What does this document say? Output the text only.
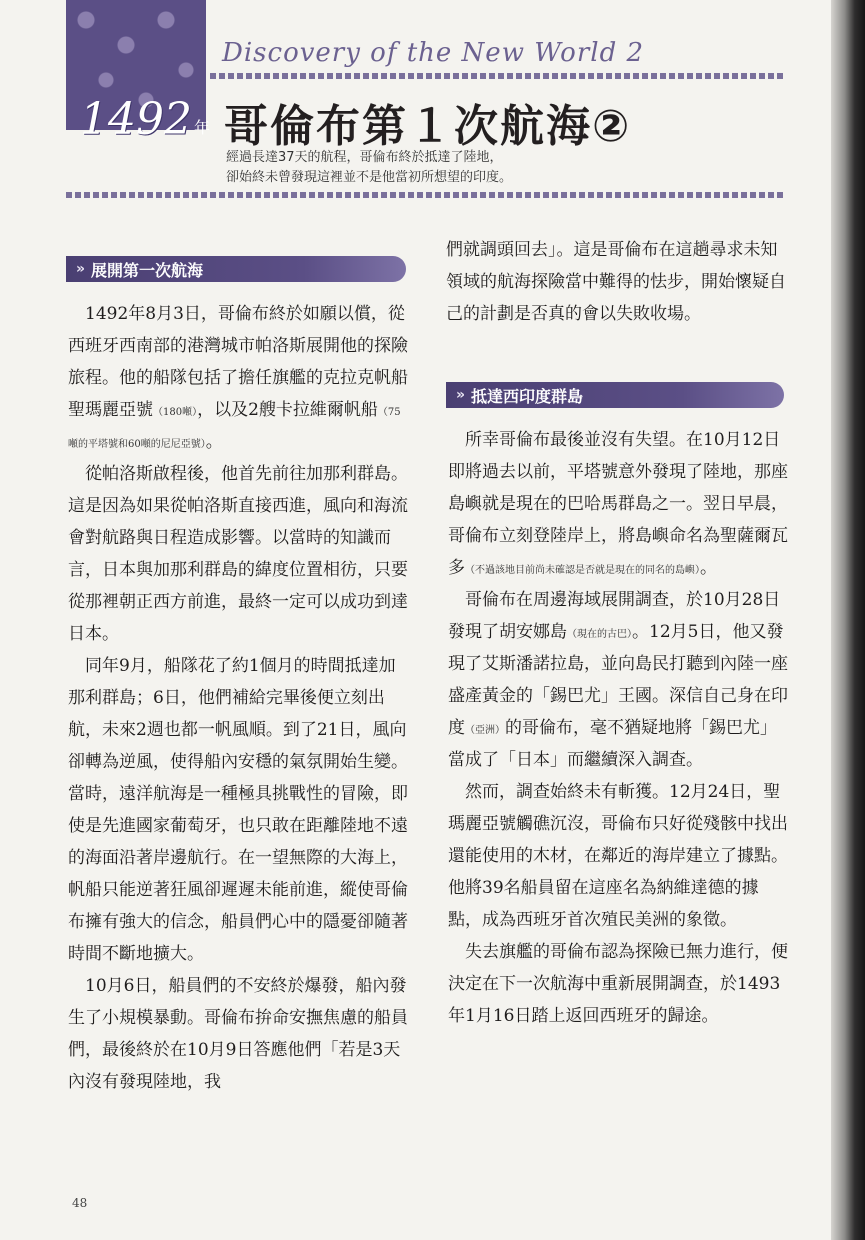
Discovery of the New World 2
1492 年 哥倫布第１次航海②
經過長達37天的航程，哥倫布終於抵達了陸地，
卻始終未曾發現這裡並不是他當初所想望的印度。
» 展開第一次航海

1492年8月3日，哥倫布終於如願以償，從西班牙西南部的港灣城市帕洛斯展開他的探險旅程。他的船隊包括了擔任旗艦的克拉克帆船聖瑪麗亞號（180噸），以及2艘卡拉維爾帆船（75噸的平塔號和60噸的尼尼亞號）。

從帕洛斯啟程後，他首先前往加那利群島。這是因為如果從帕洛斯直接西進，風向和海流會對航路與日程造成影響。以當時的知識而言，日本與加那利群島的緯度位置相彷，只要從那裡朝正西方前進，最終一定可以成功到達日本。

同年9月，船隊花了約1個月的時間抵達加那利群島；6日，他們補給完畢後便立刻出航，未來2週也都一帆風順。到了21日，風向卻轉為逆風，使得船內安穩的氣氛開始生變。當時，遠洋航海是一種極具挑戰性的冒險，即使是先進國家葡萄牙，也只敢在距離陸地不遠的海面沿著岸邊航行。在一望無際的大海上，帆船只能逆著狂風卻遲遲未能前進，縱使哥倫布擁有強大的信念，船員們心中的隱憂卻隨著時間不斷地擴大。

10月6日，船員們的不安終於爆發，船內發生了小規模暴動。哥倫布拚命安撫焦慮的船員們，最後終於在10月9日答應他們「若是3天內沒有發現陸地，我

們就調頭回去」。這是哥倫布在這趟尋求未知領域的航海探險當中難得的怯步，開始懷疑自己的計劃是否真的會以失敗收場。

» 抵達西印度群島

所幸哥倫布最後並沒有失望。在10月12日即將過去以前，平塔號意外發現了陸地，那座島嶼就是現在的巴哈馬群島之一。翌日早晨，哥倫布立刻登陸岸上，將島嶼命名為聖薩爾瓦多（不過該地目前尚未確認是否就是現在的同名的島嶼）。

哥倫布在周邊海域展開調查，於10月28日發現了胡安娜島（現在的古巴）。12月5日，他又發現了艾斯潘諾拉島，並向島民打聽到內陸一座盛產黃金的「錫巴尤」王國。深信自己身在印度（亞洲）的哥倫布，毫不猶疑地將「錫巴尤」當成了「日本」而繼續深入調查。

然而，調查始終未有斬獲。12月24日，聖瑪麗亞號觸礁沉沒，哥倫布只好從殘骸中找出還能使用的木材，在鄰近的海岸建立了據點。他將39名船員留在這座名為納維達德的據點，成為西班牙首次殖民美洲的象徵。

失去旗艦的哥倫布認為探險已無力進行，便決定在下一次航海中重新展開調查，於1493年1月16日踏上返回西班牙的歸途。

48
